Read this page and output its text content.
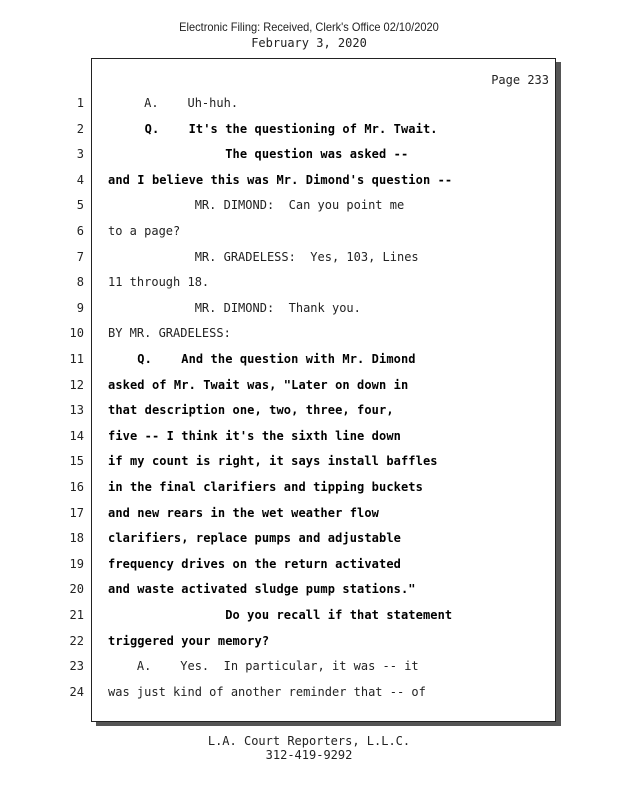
Electronic Filing: Received, Clerk's Office 02/10/2020
February 3, 2020
Page 233
1 A.    Uh-huh.
2 Q.    It's the questioning of Mr. Twait.
3 The question was asked --
4 and I believe this was Mr. Dimond's question --
5 MR. DIMOND:  Can you point me
6 to a page?
7 MR. GRADELESS:  Yes, 103, Lines
8 11 through 18.
9 MR. DIMOND:  Thank you.
10 BY MR. GRADELESS:
11 Q.    And the question with Mr. Dimond
12 asked of Mr. Twait was, "Later on down in
13 that description one, two, three, four,
14 five -- I think it's the sixth line down
15 if my count is right, it says install baffles
16 in the final clarifiers and tipping buckets
17 and new rears in the wet weather flow
18 clarifiers, replace pumps and adjustable
19 frequency drives on the return activated
20 and waste activated sludge pump stations."
21 Do you recall if that statement
22 triggered your memory?
23 A.    Yes.  In particular, it was -- it
24 was just kind of another reminder that -- of
L.A. Court Reporters, L.L.C.
312-419-9292
